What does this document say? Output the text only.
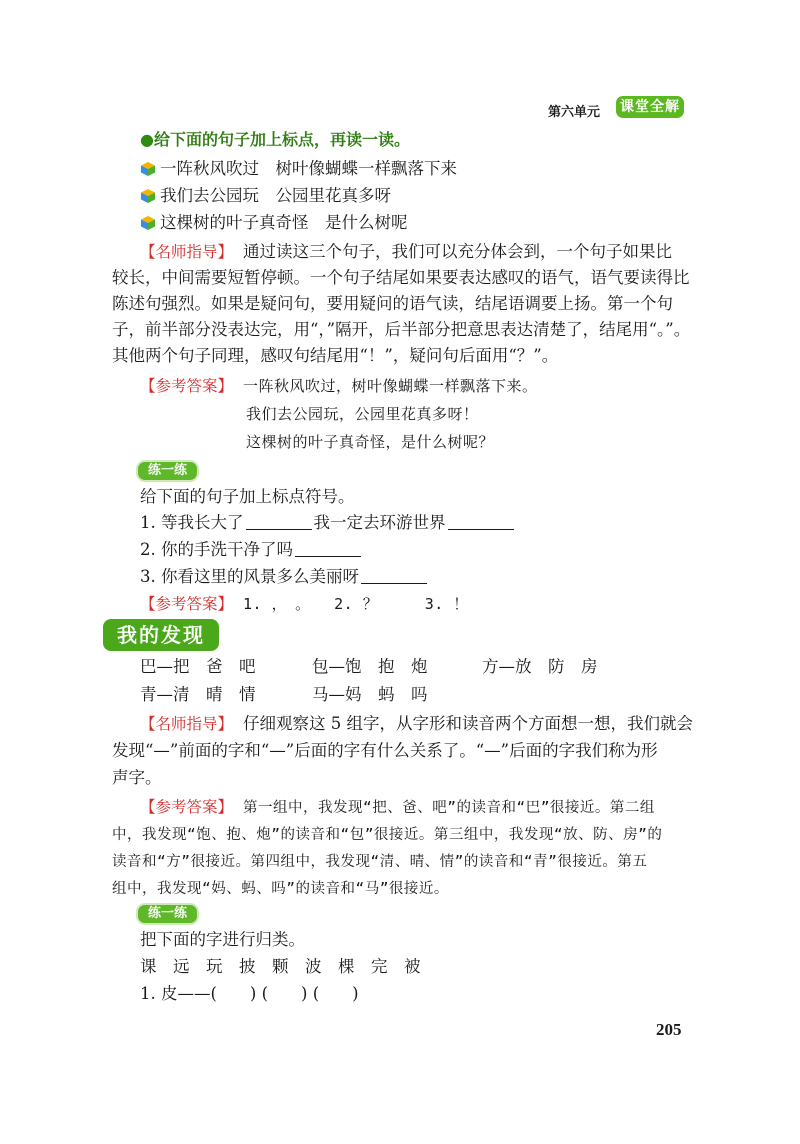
第六单元 课堂全解
●给下面的句子加上标点，再读一读。
一阵秋风吹过　树叶像蝴蝶一样飘落下来
我们去公园玩　公园里花真多呀
这棵树的叶子真奇怪　是什么树呢
【名师指导】 通过读这三个句子，我们可以充分体会到，一个句子如果比
较长，中间需要短暂停顿。一个句子结尾如果要表达感叹的语气，语气要读得比
陈述句强烈。如果是疑问句，要用疑问的语气读，结尾语调要上扬。第一个句
子，前半部分没表达完，用“，”隔开，后半部分把意思表达清楚了，结尾用“。”。
其他两个句子同理，感叹句结尾用“！”，疑问句后面用“？”。
【参考答案】 一阵秋风吹过，树叶像蝴蝶一样飘落下来。
我们去公园玩，公园里花真多呀！
这棵树的叶子真奇怪，是什么树呢？
练一练
给下面的句子加上标点符号。
1. 等我长大了	我一定去环游世界
2. 你的手洗干净了吗
3. 你看这里的风景多么美丽呀
【参考答案】 1. ，　。　　2. ？　　　3. ！
我的发现
巴—把　爸　吧	包—饱　抱　炮	方—放　防　房
青—清　晴　情	马—妈　蚂　吗
【名师指导】 仔细观察这 5 组字，从字形和读音两个方面想一想，我们就会
发现“—”前面的字和“—”后面的字有什么关系了。“—”后面的字我们称为形
声字。
【参考答案】 第一组中，我发现“把、爸、吧”的读音和“巴”很接近。第二组
中，我发现“饱、抱、炮”的读音和“包”很接近。第三组中，我发现“放、防、房”的
读音和“方”很接近。第四组中，我发现“清、晴、情”的读音和“青”很接近。第五
组中，我发现“妈、蚂、吗”的读音和“马”很接近。
练一练
把下面的字进行归类。
课　远　玩　披　颗　波　棵　完　被
1. 皮——(　　) (　　) (　　)
205
